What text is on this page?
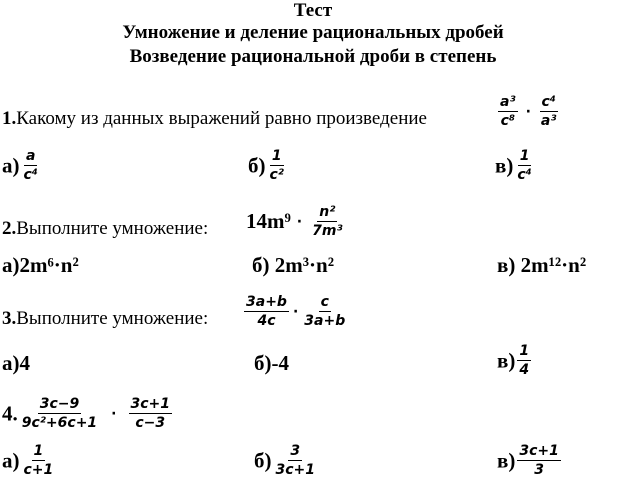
Тест
Умножение и деление рациональных дробей
Возведение рациональной дроби в степень
1.Какому из данных выражений равно произведение	$\frac{\text{a³}}{\text{c⁸}} \cdot \frac{\text{c⁴}}{\text{a³}}$
$а) \frac{a}{\text{c⁴}}$	$б) \frac{1}{\text{c²}}$	$в) \frac{1}{\text{c⁴}}$
2.Выполните умножение: $14m^9 \cdot \frac{\text{n²}}{\text{7m³}}$
а)2m⁶·n²	б) 2m³·n²	в) 2m¹²·n²
3.Выполните умножение:	$\frac{3a+b}{4c} \cdot \frac{c}{3a+b}$
а)4	б)-4	$в) \frac{1}{4}$
4. $\frac{3c-9}{\text{9c²+6c+1}} \cdot \frac{3c+1}{c-3}$
$а) \frac{1}{c+1}$	$б) \frac{3}{3c+1}$	$в) \frac{3c+1}{3}$
